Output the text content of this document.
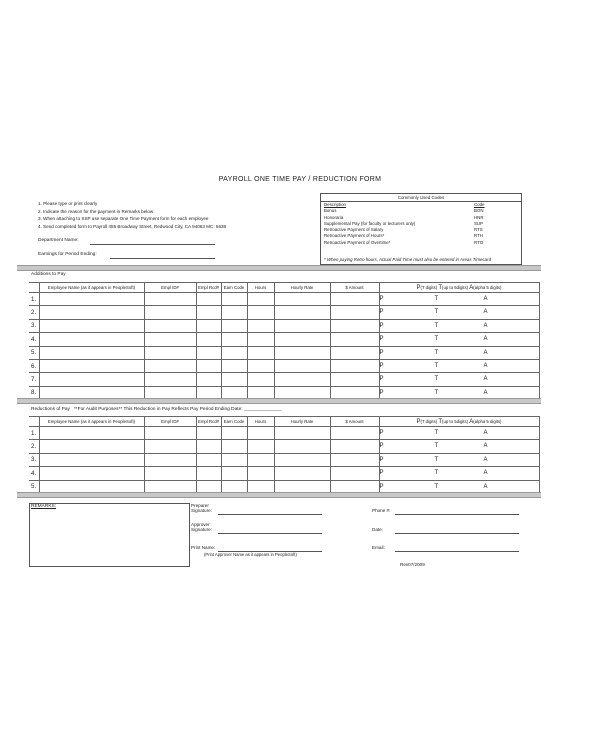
PAYROLL ONE TIME PAY / REDUCTION FORM
1. Please type or print clearly
2. Indicate the reason for the payment in Remarks below
3. When attaching to SSP use separate One Time Payment form for each employee
4. Send completed form to Payroll 485 Broadway Street, Redwood City, CA 94063 MC: 5638
Department Name:
Earnings for Period Ending:
Commonly Used Codes
Description	Code
Bonus	BON
Honoraria	HNR
Supplemental Pay (for faculty or lecturers only)	SUP
Retroactive Payment of Salary	RTS
Retroactive Payment of Hours*	RTH
Retroactive Payment of Overtime*	RTO
* When paying Retro hours, Actual Paid Time must also be entered in Areas Timecard
Additions to Pay
	Employee Name (as it appears in PeopleSoft)	Empl ID#	Empl Rcd#	Earn Code	Hours	Hourly Rate	$ Amount	P(T digits) T(up to 5digits) A(alpha 5 digits)
1.								P T A

2.								P T A

3.								P T A

4.								P T A

5.								P T A

6.								P T A

7.								P T A

8.								P T A
Reductions of Pay **For Audit Purposes** This Reduction in Pay Reflects Pay Period Ending Date: ______________
	Employee Name (as it appears in PeopleSoft)	Empl ID#	Empl Rcd#	Earn Code	Hours	Hourly Rate	$ Amount	P(T digits) T(up to 5digits) A(alpha 5 digits)
1.								P T A

2.								P T A

3.								P T A

4.								P T A

5.								P T A
REMARKS:	Preparer
Signature:
Approver
Signature:
Print Name:
(Print Approver Name as it appears in PeopleSoft)
Phone #:
Date:
Email:
Rev07/2009
